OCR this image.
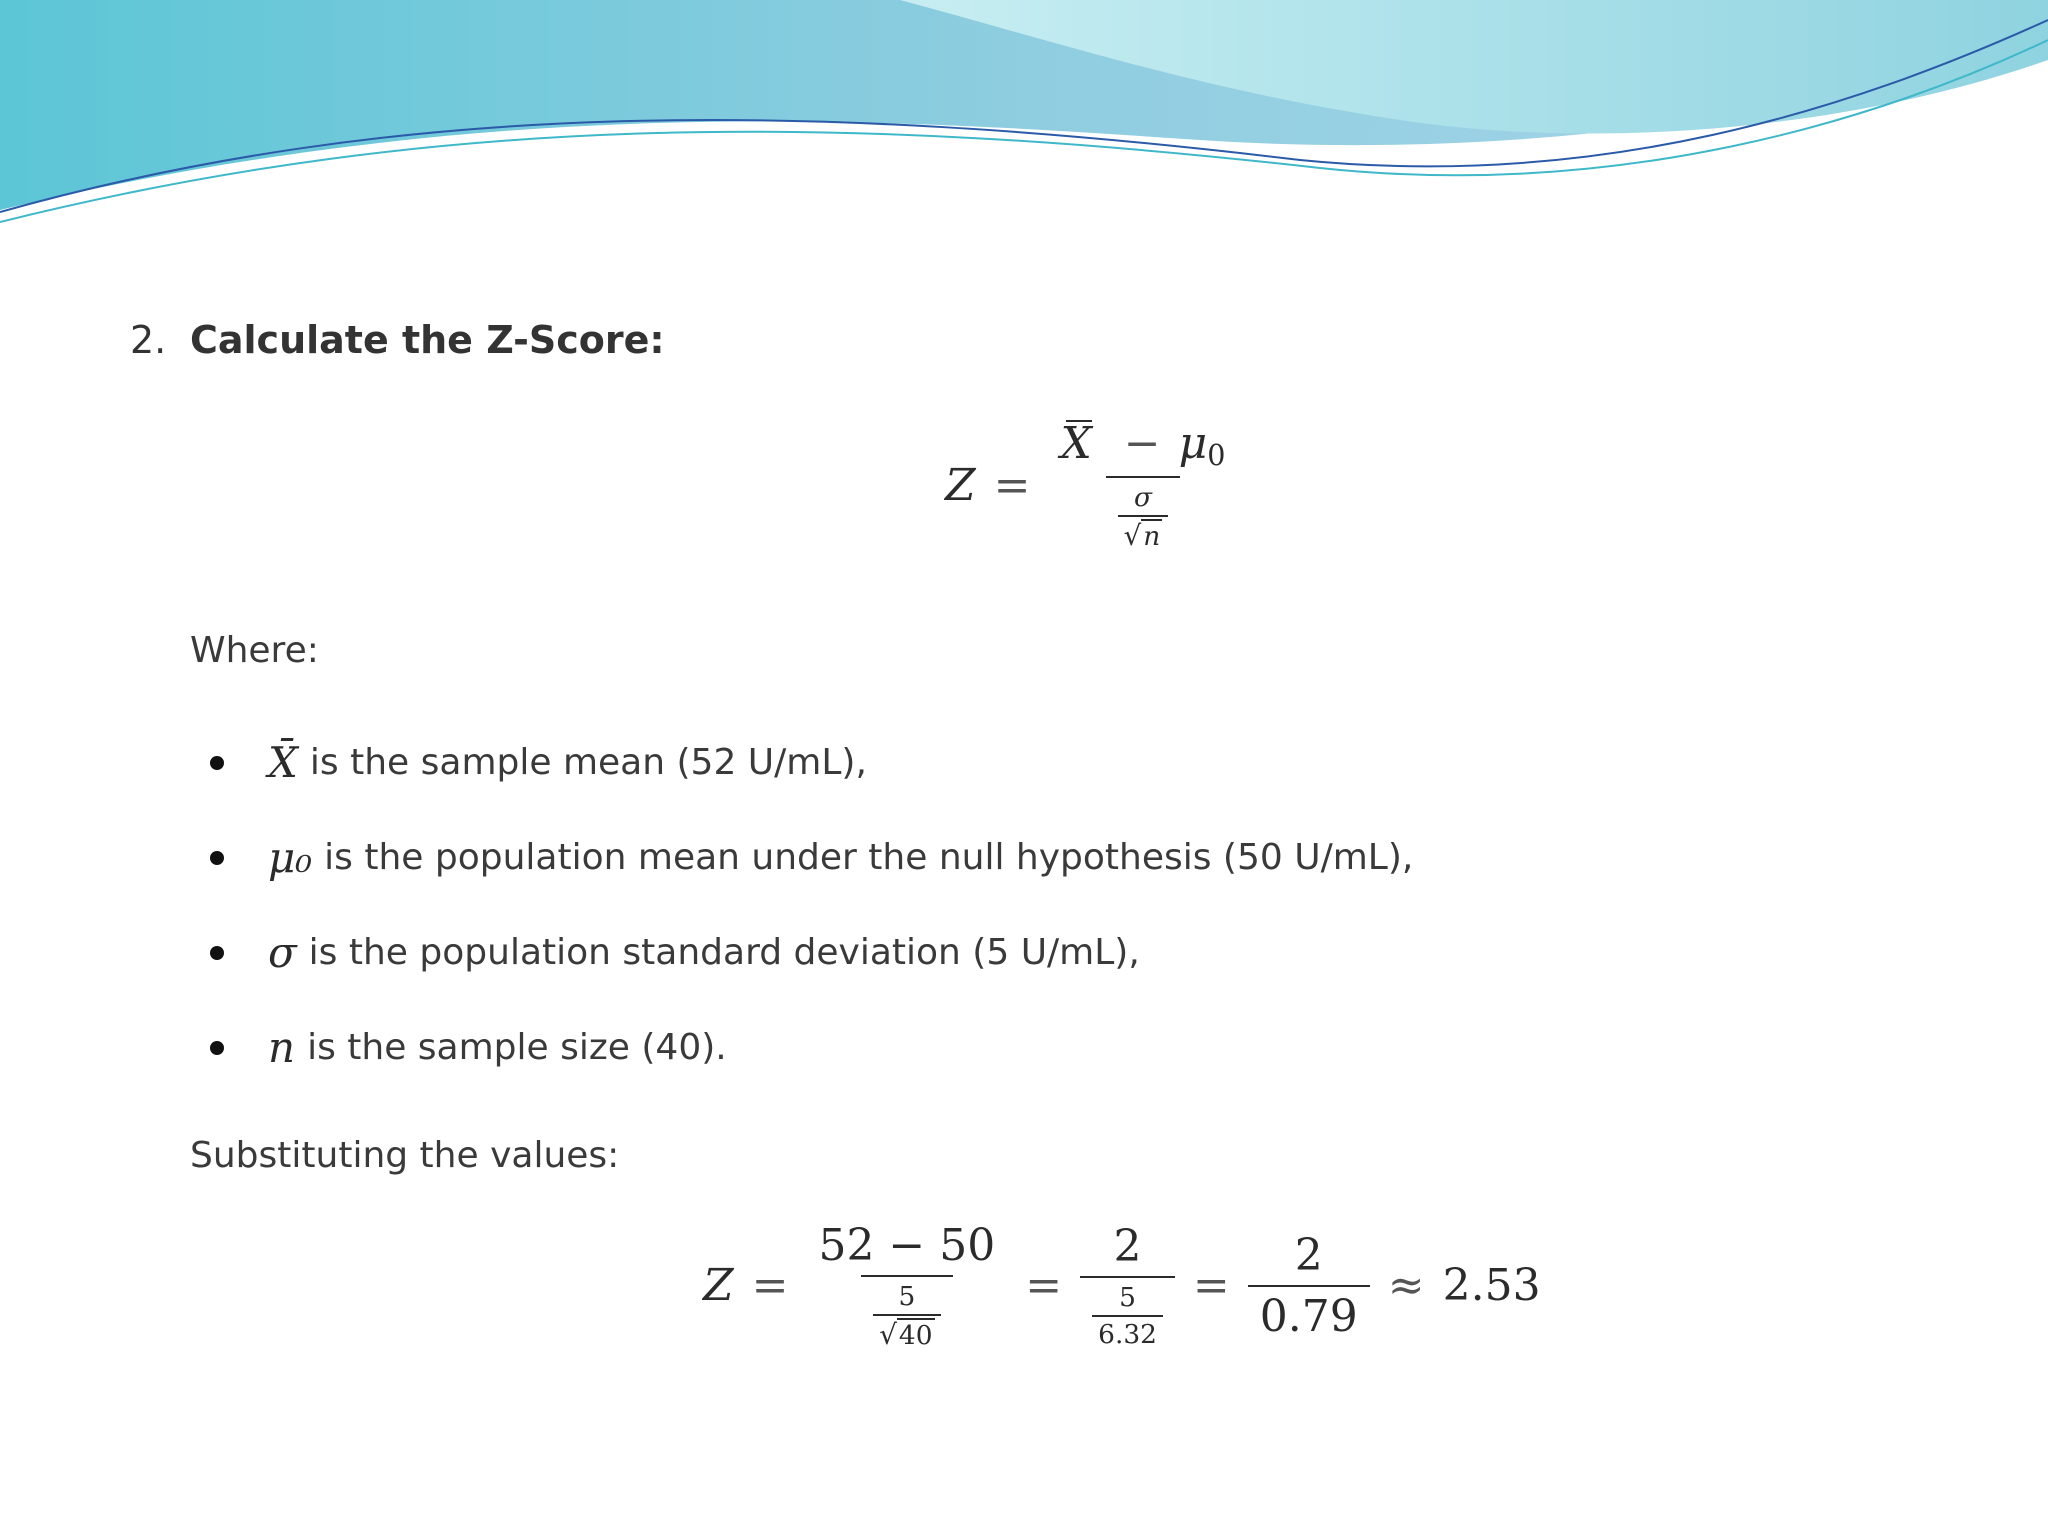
2. Calculate the Z-Score:
$Z = \frac{X - \mu_0}{\frac{\sigma}{√ n}}$
Where:
X̄ is the sample mean (52 U/mL),
μ₀ is the population mean under the null hypothesis (50 U/mL),
σ is the population standard deviation (5 U/mL),
n is the sample size (40).
Substituting the values:
$Z = \frac{52 - 50}{\frac{5}{√ 40}} = \frac{2}{\frac{5}{6.32}} = \frac{2}{0.79} \approx 2.53$
